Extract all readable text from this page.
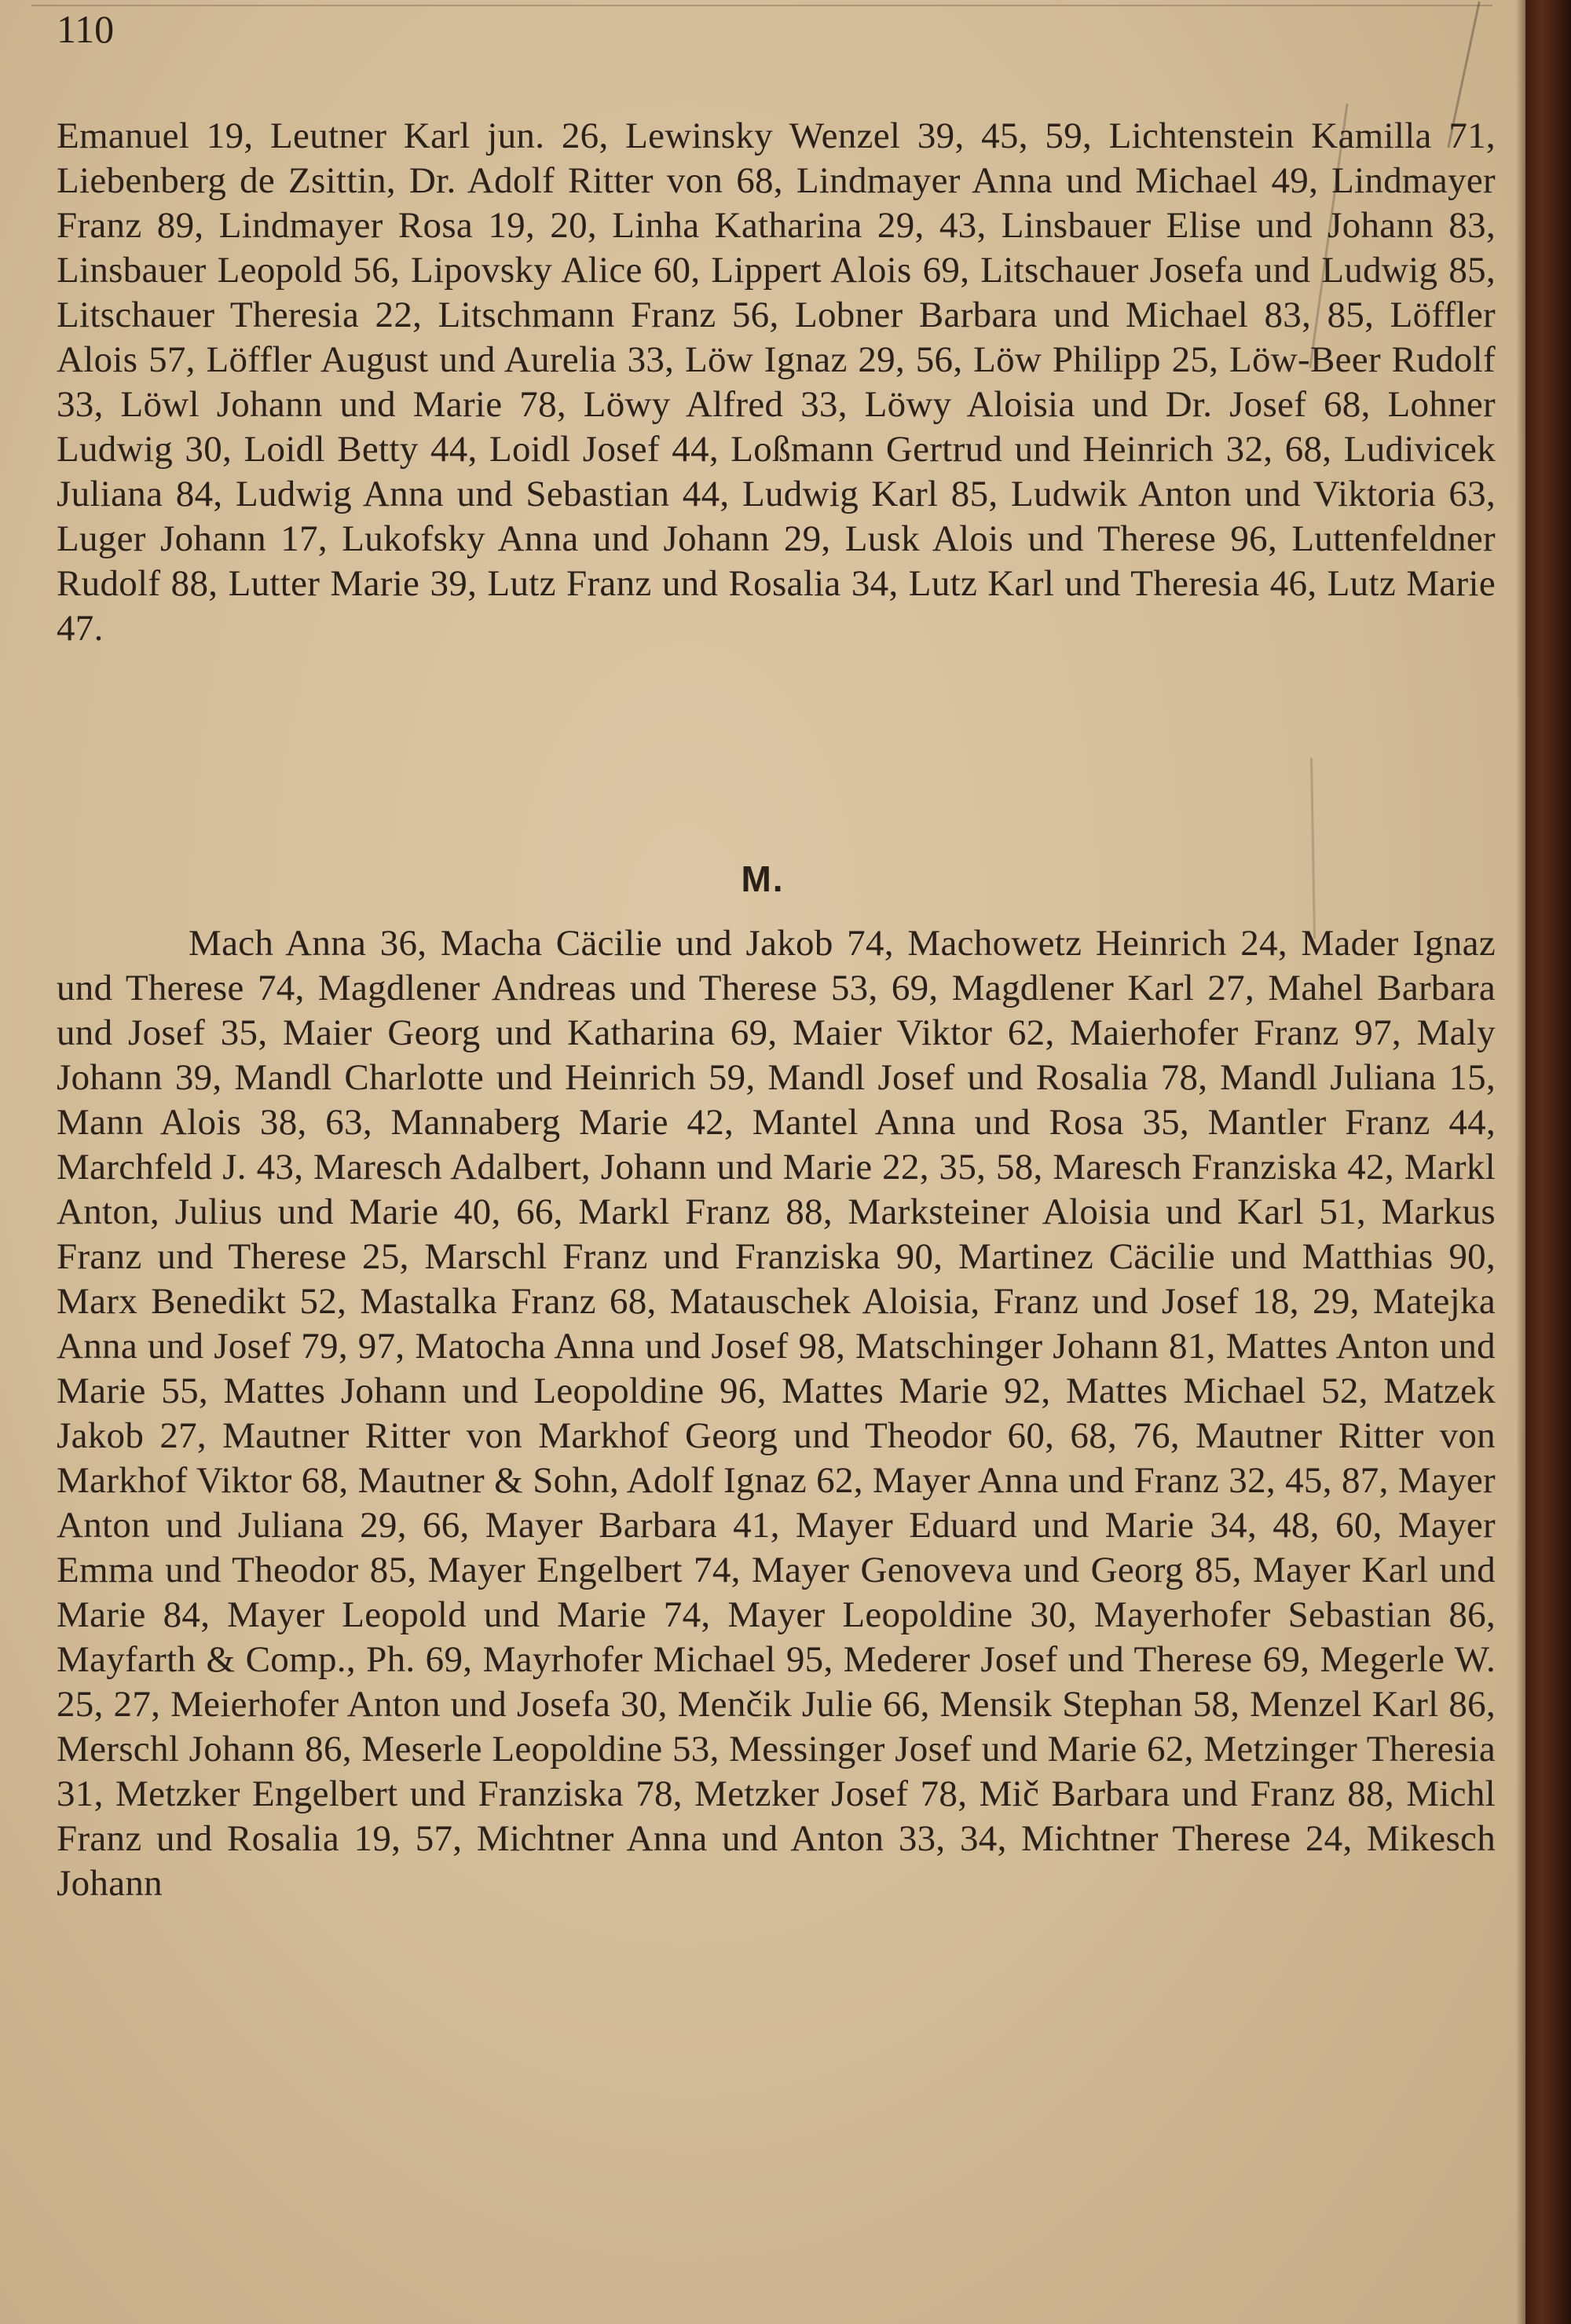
110

Emanuel 19, Leutner Karl jun. 26, Lewinsky Wenzel 39, 45, 59, Lichtenstein Kamilla 71, Liebenberg de Zsittin, Dr. Adolf Ritter von 68, Lindmayer Anna und Michael 49, Lindmayer Franz 89, Lindmayer Rosa 19, 20, Linha Katharina 29, 43, Linsbauer Elise und Johann 83, Linsbauer Leopold 56, Lipovsky Alice 60, Lippert Alois 69, Litschauer Josefa und Ludwig 85, Litschauer Theresia 22, Litschmann Franz 56, Lobner Barbara und Michael 83, 85, Löffler Alois 57, Löffler August und Aurelia 33, Löw Ignaz 29, 56, Löw Philipp 25, Löw-Beer Rudolf 33, Löwl Johann und Marie 78, Löwy Alfred 33, Löwy Aloisia und Dr. Josef 68, Lohner Ludwig 30, Loidl Betty 44, Loidl Josef 44, Loßmann Gertrud und Heinrich 32, 68, Ludivicek Juliana 84, Ludwig Anna und Sebastian 44, Ludwig Karl 85, Ludwik Anton und Viktoria 63, Luger Johann 17, Lukofsky Anna und Johann 29, Lusk Alois und Therese 96, Luttenfeldner Rudolf 88, Lutter Marie 39, Lutz Franz und Rosalia 34, Lutz Karl und Theresia 46, Lutz Marie 47.

M.

Mach Anna 36, Macha Cäcilie und Jakob 74, Machowetz Heinrich 24, Mader Ignaz und Therese 74, Magdlener Andreas und Therese 53, 69, Magdlener Karl 27, Mahel Barbara und Josef 35, Maier Georg und Katharina 69, Maier Viktor 62, Maierhofer Franz 97, Maly Johann 39, Mandl Charlotte und Heinrich 59, Mandl Josef und Rosalia 78, Mandl Juliana 15, Mann Alois 38, 63, Mannaberg Marie 42, Mantel Anna und Rosa 35, Mantler Franz 44, Marchfeld J. 43, Maresch Adalbert, Johann und Marie 22, 35, 58, Maresch Franziska 42, Markl Anton, Julius und Marie 40, 66, Markl Franz 88, Marksteiner Aloisia und Karl 51, Markus Franz und Therese 25, Marschl Franz und Franziska 90, Martinez Cäcilie und Matthias 90, Marx Benedikt 52, Mastalka Franz 68, Matauschek Aloisia, Franz und Josef 18, 29, Matejka Anna und Josef 79, 97, Matocha Anna und Josef 98, Matschinger Johann 81, Mattes Anton und Marie 55, Mattes Johann und Leopoldine 96, Mattes Marie 92, Mattes Michael 52, Matzek Jakob 27, Mautner Ritter von Markhof Georg und Theodor 60, 68, 76, Mautner Ritter von Markhof Viktor 68, Mautner & Sohn, Adolf Ignaz 62, Mayer Anna und Franz 32, 45, 87, Mayer Anton und Juliana 29, 66, Mayer Barbara 41, Mayer Eduard und Marie 34, 48, 60, Mayer Emma und Theodor 85, Mayer Engelbert 74, Mayer Genoveva und Georg 85, Mayer Karl und Marie 84, Mayer Leopold und Marie 74, Mayer Leopoldine 30, Mayerhofer Sebastian 86, Mayfarth & Comp., Ph. 69, Mayrhofer Michael 95, Mederer Josef und Therese 69, Megerle W. 25, 27, Meierhofer Anton und Josefa 30, Menčik Julie 66, Mensik Stephan 58, Menzel Karl 86, Merschl Johann 86, Meserle Leopoldine 53, Messinger Josef und Marie 62, Metzinger Theresia 31, Metzker Engelbert und Franziska 78, Metzker Josef 78, Mič Barbara und Franz 88, Michl Franz und Rosalia 19, 57, Michtner Anna und Anton 33, 34, Michtner Therese 24, Mikesch Johann
